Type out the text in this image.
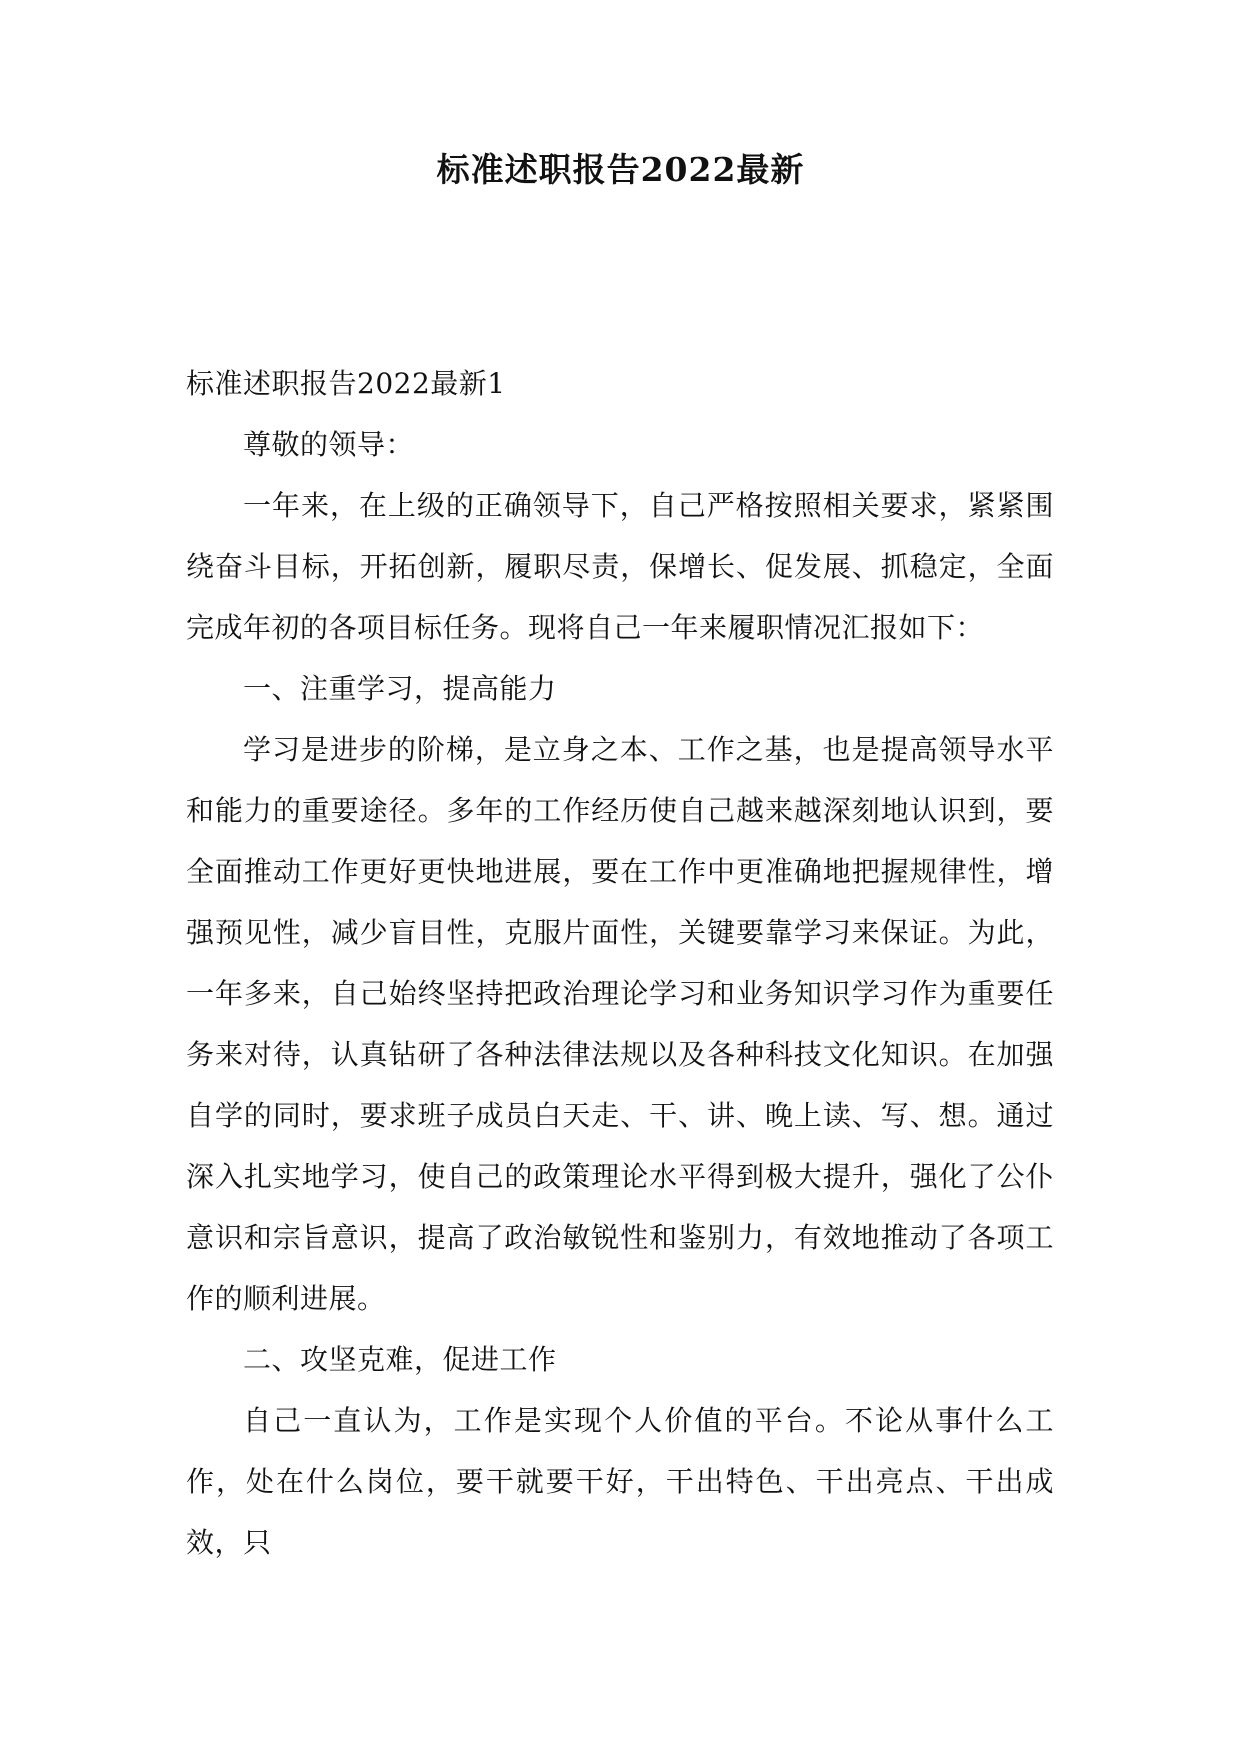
标准述职报告2022最新

标准述职报告2022最新1

尊敬的领导：

一年来，在上级的正确领导下，自己严格按照相关要求，紧紧围绕奋斗目标，开拓创新，履职尽责，保增长、促发展、抓稳定，全面完成年初的各项目标任务。现将自己一年来履职情况汇报如下：

一、注重学习，提高能力

学习是进步的阶梯，是立身之本、工作之基，也是提高领导水平和能力的重要途径。多年的工作经历使自己越来越深刻地认识到，要全面推动工作更好更快地进展，要在工作中更准确地把握规律性，增强预见性，减少盲目性，克服片面性，关键要靠学习来保证。为此，一年多来，自己始终坚持把政治理论学习和业务知识学习作为重要任务来对待，认真钻研了各种法律法规以及各种科技文化知识。在加强自学的同时，要求班子成员白天走、干、讲、晚上读、写、想。通过深入扎实地学习，使自己的政策理论水平得到极大提升，强化了公仆意识和宗旨意识，提高了政治敏锐性和鉴别力，有效地推动了各项工作的顺利进展。

二、攻坚克难，促进工作

自己一直认为，工作是实现个人价值的平台。不论从事什么工作，处在什么岗位，要干就要干好，干出特色、干出亮点、干出成效，只
